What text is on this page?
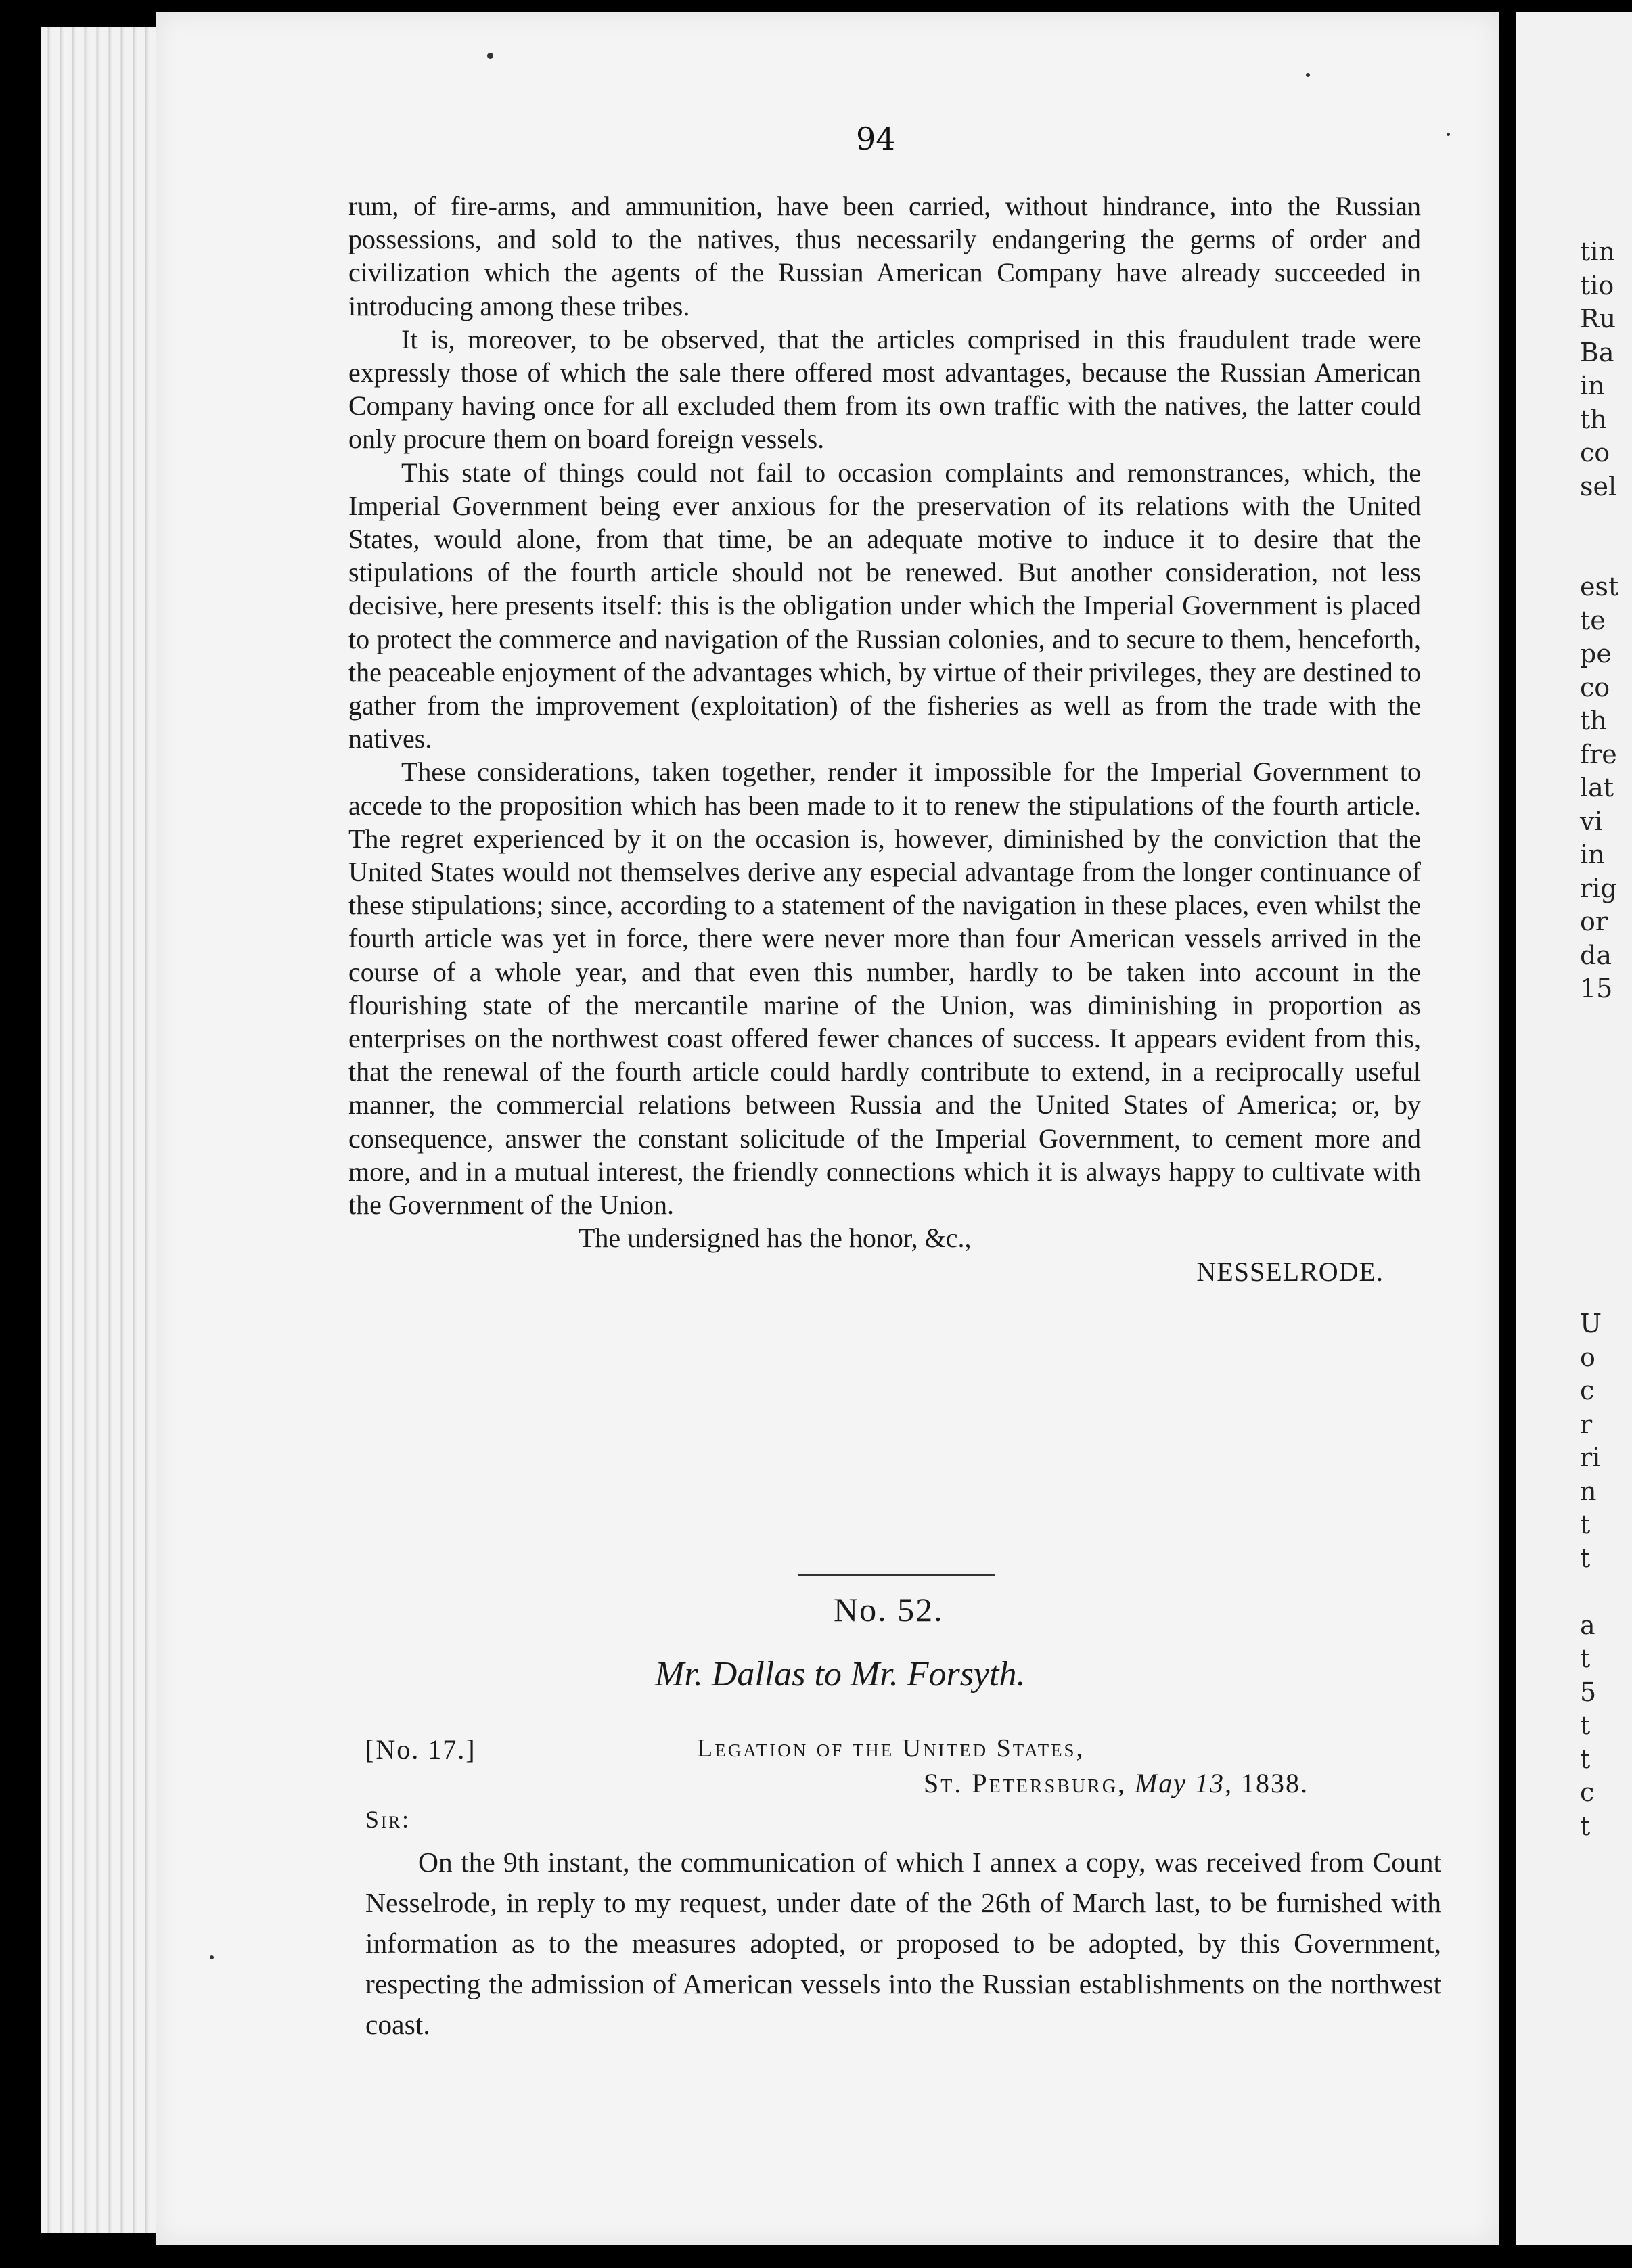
tin
tio
Ru
Ba
in
th
co
sel
est
te
pe
co
th
fre
lat
vi
in
rig
or
da
15
U
o
c
r
ri
n
t
t
a
t
5
t
t
c
t
94

rum, of fire-arms, and ammunition, have been carried, without hindrance, into the Russian possessions, and sold to the natives, thus necessarily endangering the germs of order and civilization which the agents of the Russian American Company have already succeeded in introducing among these tribes.

It is, moreover, to be observed, that the articles comprised in this fraudulent trade were expressly those of which the sale there offered most advantages, because the Russian American Company having once for all excluded them from its own traffic with the natives, the latter could only procure them on board foreign vessels.

This state of things could not fail to occasion complaints and remonstrances, which, the Imperial Government being ever anxious for the preservation of its relations with the United States, would alone, from that time, be an adequate motive to induce it to desire that the stipulations of the fourth article should not be renewed. But another consideration, not less decisive, here presents itself: this is the obligation under which the Imperial Government is placed to protect the commerce and navigation of the Russian colonies, and to secure to them, henceforth, the peaceable enjoyment of the advantages which, by virtue of their privileges, they are destined to gather from the improvement (exploitation) of the fisheries as well as from the trade with the natives.

These considerations, taken together, render it impossible for the Imperial Government to accede to the proposition which has been made to it to renew the stipulations of the fourth article. The regret experienced by it on the occasion is, however, diminished by the conviction that the United States would not themselves derive any especial advantage from the longer continuance of these stipulations; since, according to a statement of the navigation in these places, even whilst the fourth article was yet in force, there were never more than four American vessels arrived in the course of a whole year, and that even this number, hardly to be taken into account in the flourishing state of the mercantile marine of the Union, was diminishing in proportion as enterprises on the northwest coast offered fewer chances of success. It appears evident from this, that the renewal of the fourth article could hardly contribute to extend, in a reciprocally useful manner, the commercial relations between Russia and the United States of America; or, by consequence, answer the constant solicitude of the Imperial Government, to cement more and more, and in a mutual interest, the friendly connections which it is always happy to cultivate with the Government of the Union.

The undersigned has the honor, &c.,

NESSELRODE.

No. 52.
Mr. Dallas to Mr. Forsyth.
[No. 17.]	Legation of the United States,
St. Petersburg, May 13, 1838.
Sir:
On the 9th instant, the communication of which I annex a copy, was received from Count Nesselrode, in reply to my request, under date of the 26th of March last, to be furnished with information as to the measures adopted, or proposed to be adopted, by this Government, respecting the admission of American vessels into the Russian establishments on the northwest coast.
